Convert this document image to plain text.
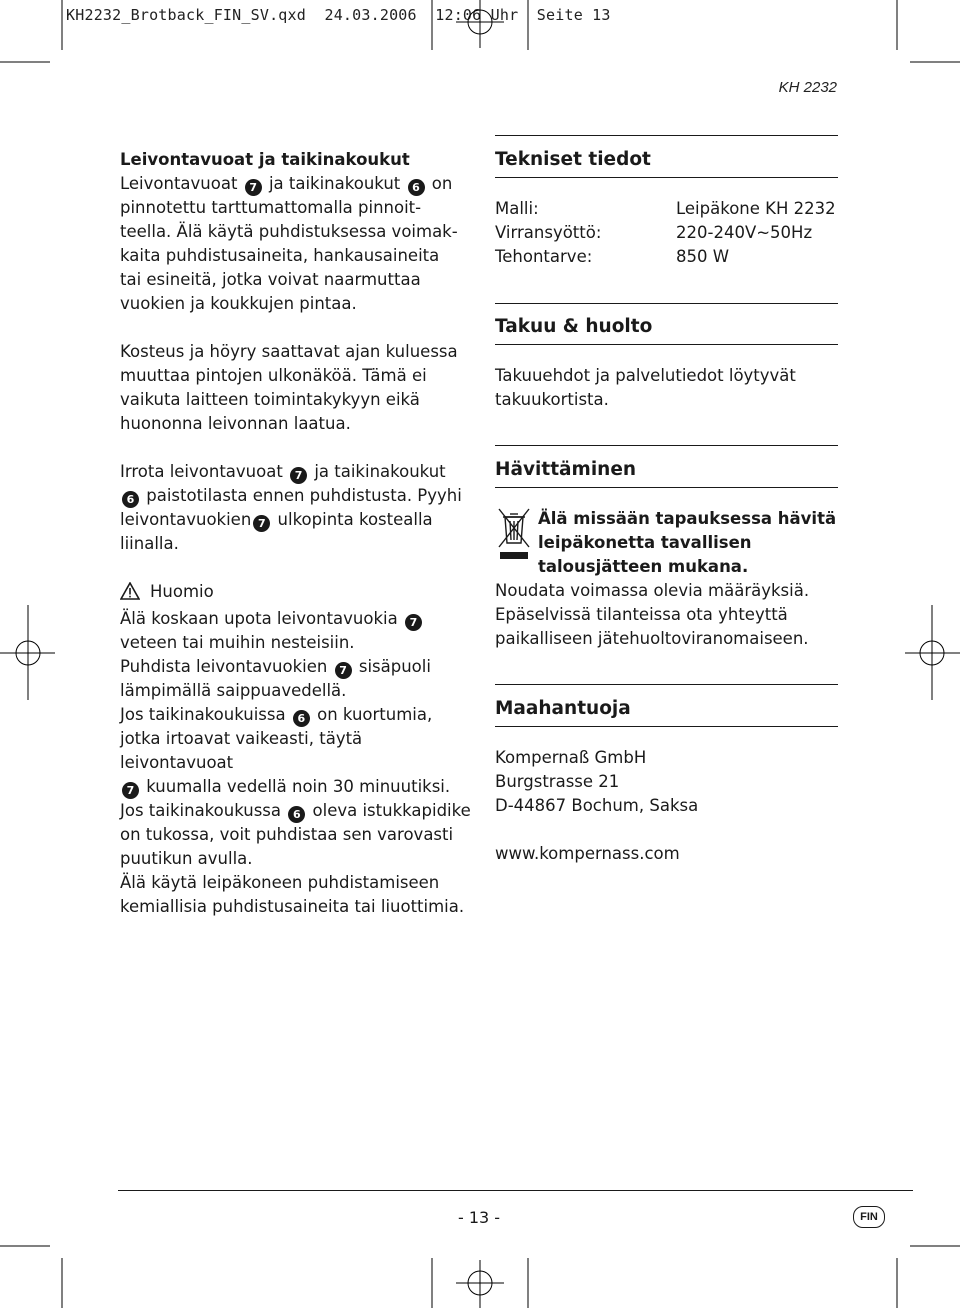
KH2232_Brotback_FIN_SV.qxd  24.03.2006  12:06 Uhr  Seite 13
KH 2232

Leivontavuoat ja taikinakoukut

Leivontavuoat 7 ja taikinakoukut 6 on
pinnotettu tarttumattomalla pinnoit-
teella. Älä käytä puhdistuksessa voimak-
kaita puhdistusaineita, hankausaineita
tai esineitä, jotka voivat naarmuttaa
vuokien ja koukkujen pintaa.

Kosteus ja höyry saattavat ajan kuluessa
muuttaa pintojen ulkonäköä. Tämä ei
vaikuta laitteen toimintakykyyn eikä
huononna leivonnan laatua.

Irrota leivontavuoat 7 ja taikinakoukut
6 paistotilasta ennen puhdistusta. Pyyhi
leivontavuokien 7 ulkopinta kostealla
liinalla.

Huomio

Älä koskaan upota leivontavuokia 7
veteen tai muihin nesteisiin.
Puhdista leivontavuokien 7 sisäpuoli
lämpimällä saippuavedellä.
Jos taikinakoukuissa 6 on kuortumia,
jotka irtoavat vaikeasti, täytä leivontavuoat
7 kuumalla vedellä noin 30 minuutiksi.
Jos taikinakoukussa 6 oleva istukkapidike
on tukossa, voit puhdistaa sen varovasti
puutikun avulla.
Älä käytä leipäkoneen puhdistamiseen
kemiallisia puhdistusaineita tai liuottimia.

Tekniset tiedot
Malli:	Leipäkone KH 2232
Virransyöttö:	220-240V~50Hz
Tehontarve:	850 W
Takuu & huolto

Takuuehdot ja palvelutiedot löytyvät
takuukortista.

Hävittäminen

Älä missään tapauksessa hävitä
leipäkonetta tavallisen
talousjätteen mukana.

Noudata voimassa olevia määräyksiä.
Epäselvissä tilanteissa ota yhteyttä
paikalliseen jätehuoltoviranomaiseen.

Maahantuoja

Kompernaß GmbH
Burgstrasse 21
D-44867 Bochum, Saksa

www.kompernass.com

- 13 -	FIN
